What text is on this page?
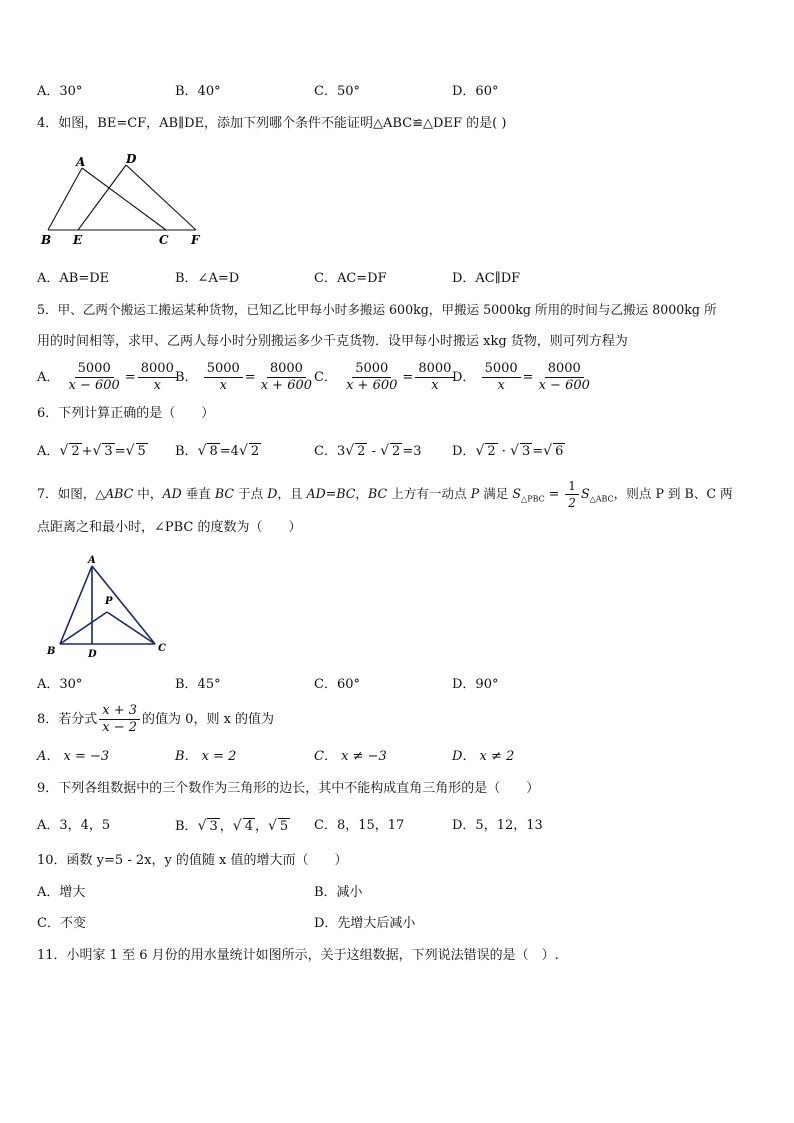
A．30°	B．40°	C．50°	D．60°
4．如图，BE=CF，AB∥DE，添加下列哪个条件不能证明△ABC≌△DEF 的是( )
A	D
B E	C F
A．AB=DE	B．∠A=D	C．AC=DF	D．AC∥DF
5．甲、乙两个搬运工搬运某种货物，已知乙比甲每小时多搬运 600kg，甲搬运 5000kg 所用的时间与乙搬运 8000kg 所
用的时间相等，求甲、乙两人每小时分别搬运多少千克货物．设甲每小时搬运 xkg 货物，则可列方程为
A． $\frac{5000}{x - 600} = \frac{8000}{x}$
B． $\frac{5000}{x} = \frac{8000}{x + 600}$
C． $\frac{5000}{x + 600} = \frac{8000}{x}$
D． $\frac{5000}{x} = \frac{8000}{x - 600}$
6．下列计算正确的是（　　）
A．√ 2 +√ 3 =√ 5 B．√ 8 =4√ 2	C．3√ 2 - √ 2 =3 D．√ 2 · √ 3 =√ 6
7．如图，△ABC 中，AD 垂直 BC 于点 D，且 AD=BC，BC 上方有一动点 P 满足 $S_{\triangle PBC} = \frac{1}{2} S_{\triangle ABC}$，则点 P 到 B、C 两
点距离之和最小时，∠PBC 的度数为（　　）
A
P
B	D
C
A．30°	B．45°	C．60°	D．90°
8．若分式 $\frac{x + 3}{x - 2}$ 的值为 0，则 x 的值为
A． x = −3	B． x = 2	C． x ≠ −3	D． x ≠ 2
9．下列各组数据中的三个数作为三角形的边长，其中不能构成直角三角形的是（　　）
A．3，4，5	B．√ 3 ，√ 4 ，√ 5 C．8，15，17	D．5，12，13
10．函数 y=5 - 2x，y 的值随 x 值的增大而（　　）
A．增大	B．减小
C．不变	D．先增大后减小
11．小明家 1 至 6 月份的用水量统计如图所示，关于这组数据，下列说法错误的是（　）.
